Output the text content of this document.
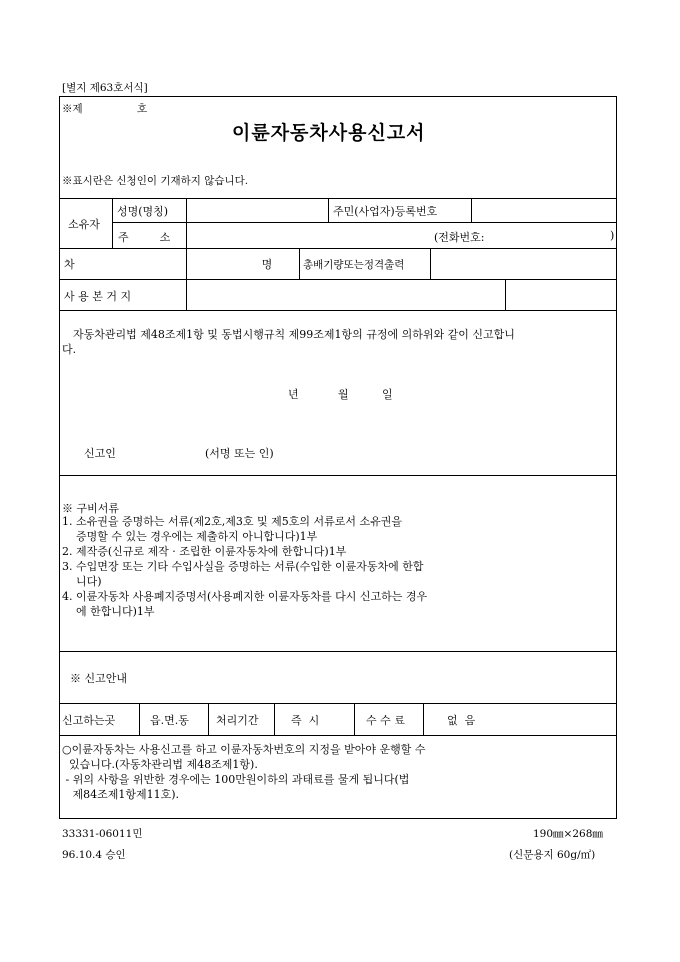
[별지 제63호서식]
※제	호
이륜자동차사용신고서
※표시란은 신청인이 기재하지 않습니다.
소유자
성명(명칭)	주민(사업자)등록번호
주  소	(전화번호:	)
차  명	총배기량또는정격출력
사 용 본 거 지
자동차관리법 제48조제1항 및 동법시행규칙 제99조제1항의 규정에 의하위와 같이 신고합니
다.
년	월	일
신고인	(서명 또는 인)
※ 구비서류
1. 소유권을 증명하는 서류(제2호,제3호 및 제5호의 서류로서 소유권을
증명할 수 있는 경우에는 제출하지 아니합니다)1부
2. 제작증(신규로 제작 · 조립한 이륜자동차에 한합니다)1부
3. 수입면장 또는 기타 수입사실을 증명하는 서류(수입한 이륜자동차에 한합
니다)
4. 이륜자동차 사용폐지증명서(사용폐지한 이륜자동차를 다시 신고하는 경우
에 한합니다)1부
※ 신고안내
신고하는곳	읍.면.동 처리기간	즉  시	수 수 료	없  음
○이륜자동차는 사용신고를 하고 이륜자동차번호의 지정을 받아야 운행할 수
있습니다.(자동차관리법 제48조제1항).
- 위의 사항을 위반한 경우에는 100만원이하의 과태료를 물게 됩니다(법
제84조제1항제11호).
33331-06011민
96.10.4 승인
190㎜×268㎜
(신문용지 60g/㎡)
